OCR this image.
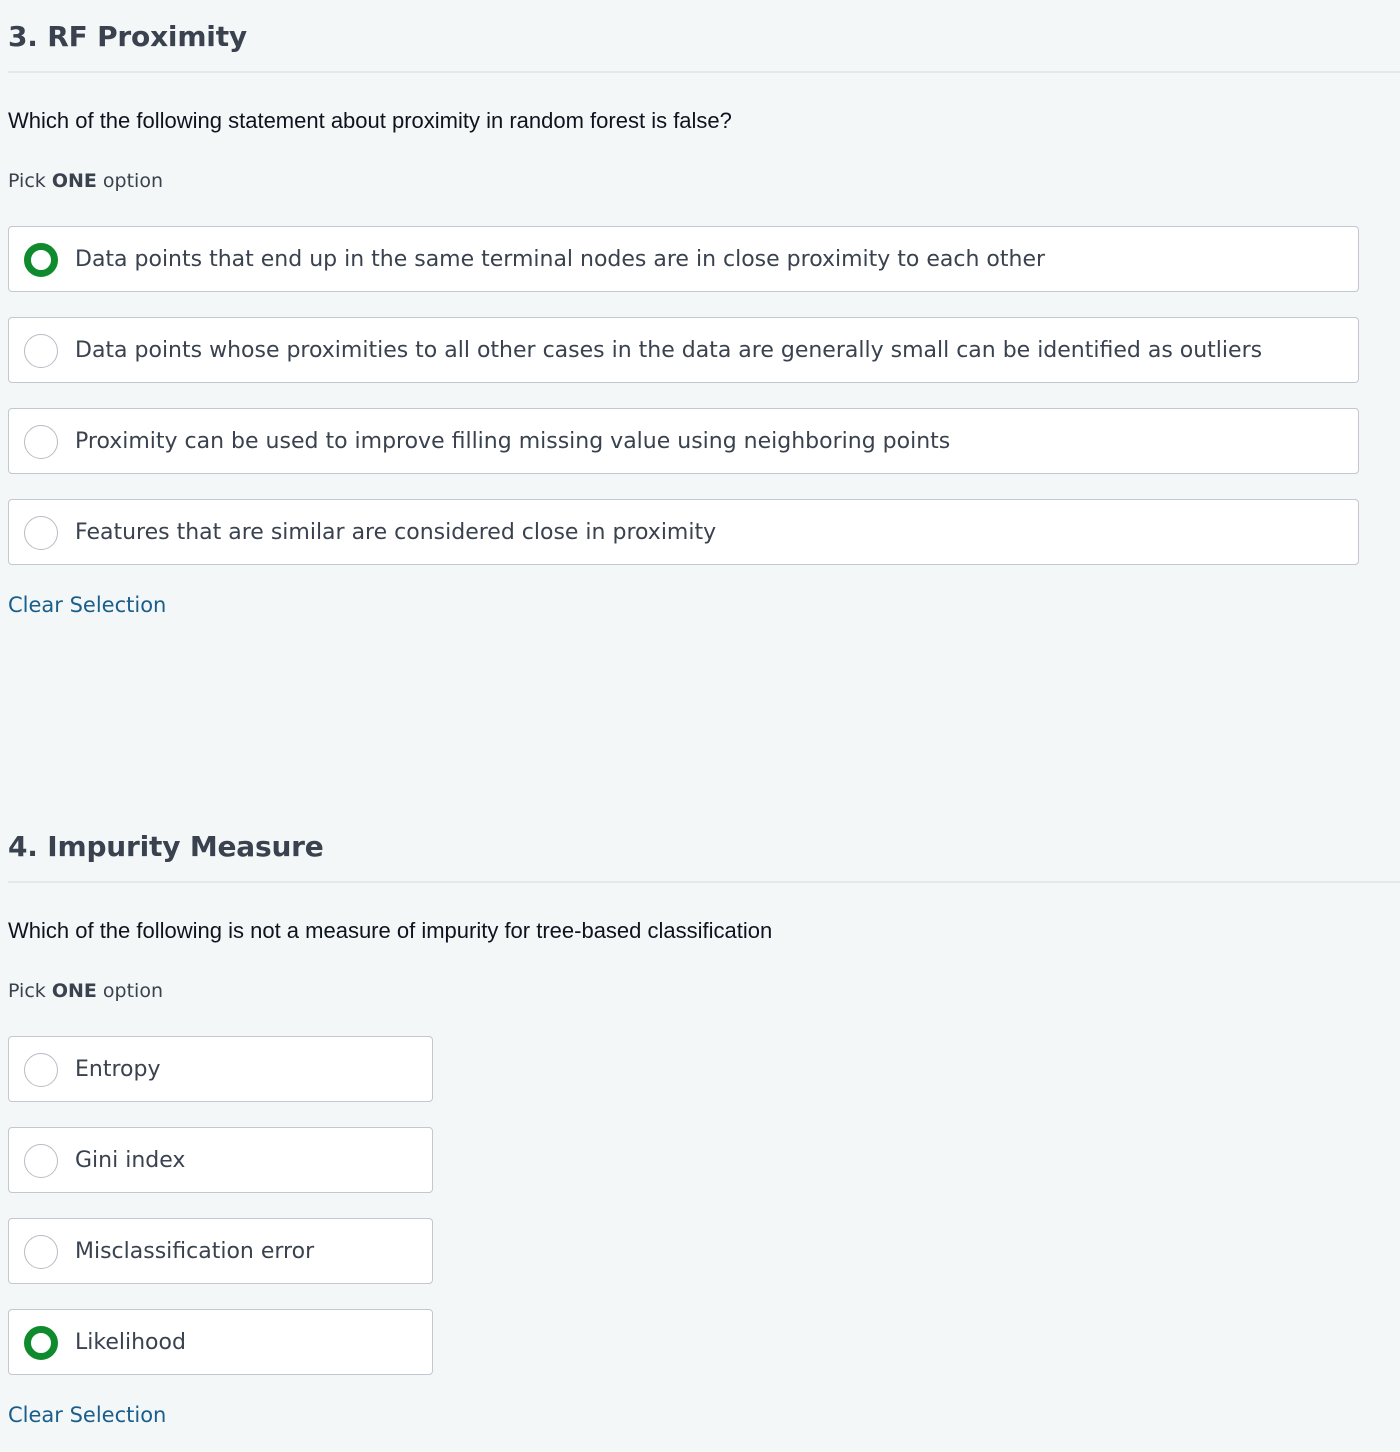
3. RF Proximity

Which of the following statement about proximity in random forest is false?

Pick ONE option

Data points that end up in the same terminal nodes are in close proximity to each other
Data points whose proximities to all other cases in the data are generally small can be identified as outliers
Proximity can be used to improve filling missing value using neighboring points
Features that are similar are considered close in proximity
Clear Selection
4. Impurity Measure

Which of the following is not a measure of impurity for tree-based classification

Pick ONE option

Entropy
Gini index
Misclassification error
Likelihood
Clear Selection
